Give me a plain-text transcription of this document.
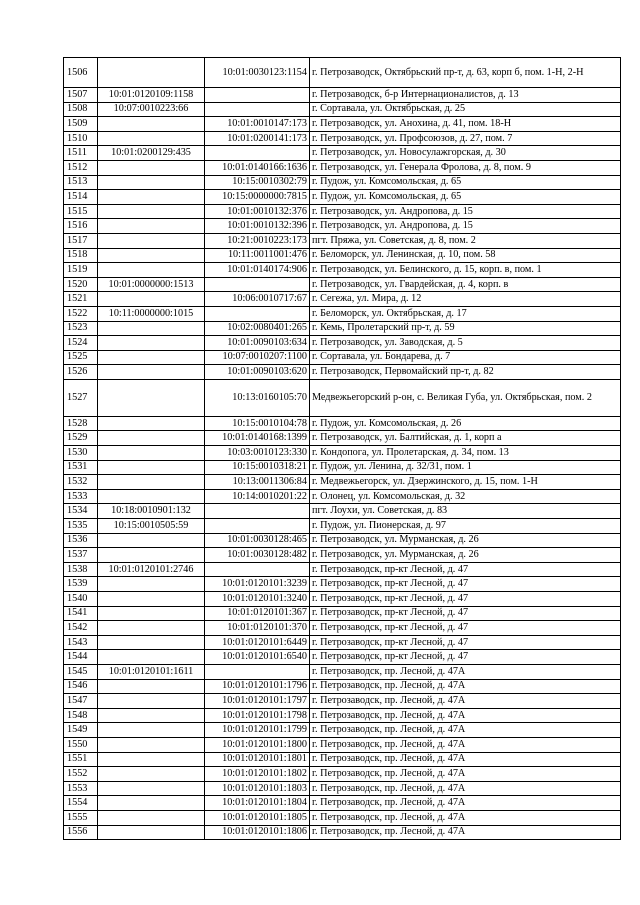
1506		10:01:0030123:1154	г. Петрозаводск, Октябрьский пр-т, д. 63, корп б, пом. 1-Н, 2-Н
1507	10:01:0120109:1158		г. Петрозаводск, б-р Интернационалистов, д. 13
1508	10:07:0010223:66		г. Сортавала, ул. Октябрьская, д. 25
1509		10:01:0010147:173	г. Петрозаводск, ул. Анохина, д. 41, пом. 18-Н
1510		10:01:0200141:173	г. Петрозаводск, ул. Профсоюзов, д. 27, пом. 7
1511	10:01:0200129:435		г. Петрозаводск, ул. Новосулажгорская, д. 30
1512		10:01:0140166:1636	г. Петрозаводск, ул. Генерала Фролова, д. 8, пом. 9
1513		10:15:0010302:79	г. Пудож, ул. Комсомольская, д. 65
1514		10:15:0000000:7815	г. Пудож, ул. Комсомольская, д. 65
1515		10:01:0010132:376	г. Петрозаводск, ул. Андропова, д. 15
1516		10:01:0010132:396	г. Петрозаводск, ул. Андропова, д. 15
1517		10:21:0010223:173	пгт. Пряжа, ул. Советская, д. 8, пом. 2
1518		10:11:0011001:476	г. Беломорск, ул. Ленинская, д. 10, пом. 58
1519		10:01:0140174:906	г. Петрозаводск, ул. Белинского, д. 15, корп. в, пом. 1
1520	10:01:0000000:1513		г. Петрозаводск, ул. Гвардейская, д. 4, корп. в
1521		10:06:0010717:67	г. Сегежа, ул. Мира, д. 12
1522	10:11:0000000:1015		г. Беломорск, ул. Октябрьская, д. 17
1523		10:02:0080401:265	г. Кемь, Пролетарский пр-т, д. 59
1524		10:01:0090103:634	г. Петрозаводск, ул. Заводская, д. 5
1525		10:07:0010207:1100	г. Сортавала, ул. Бондарева, д. 7
1526		10:01:0090103:620	г. Петрозаводск, Первомайский пр-т, д. 82
1527		10:13:0160105:70	Медвежьегорский р-он, с. Великая Губа, ул. Октябрьская, пом. 2
1528		10:15:0010104:78	г. Пудож, ул. Комсомольская, д. 26
1529		10:01:0140168:1399	г. Петрозаводск, ул. Балтийская, д. 1, корп а
1530		10:03:0010123:330	г. Кондопога, ул. Пролетарская, д. 34, пом. 13
1531		10:15:0010318:21	г. Пудож, ул. Ленина, д. 32/31, пом. 1
1532		10:13:0011306:84	г. Медвежьегорск, ул. Дзержинского, д. 15, пом. 1-Н
1533		10:14:0010201:22	г. Олонец, ул. Комсомольская, д. 32
1534	10:18:0010901:132		пгт. Лоухи, ул. Советская, д. 83
1535	10:15:0010505:59		г. Пудож, ул. Пионерская, д. 97
1536		10:01:0030128:465	г. Петрозаводск, ул. Мурманская, д. 26
1537		10:01:0030128:482	г. Петрозаводск, ул. Мурманская, д. 26
1538	10:01:0120101:2746		г. Петрозаводск, пр-кт Лесной, д. 47
1539		10:01:0120101:3239	г. Петрозаводск, пр-кт Лесной, д. 47
1540		10:01:0120101:3240	г. Петрозаводск, пр-кт Лесной, д. 47
1541		10:01:0120101:367	г. Петрозаводск, пр-кт Лесной, д. 47
1542		10:01:0120101:370	г. Петрозаводск, пр-кт Лесной, д. 47
1543		10:01:0120101:6449	г. Петрозаводск, пр-кт Лесной, д. 47
1544		10:01:0120101:6540	г. Петрозаводск, пр-кт Лесной, д. 47
1545	10:01:0120101:1611		г. Петрозаводск, пр. Лесной, д. 47А
1546		10:01:0120101:1796	г. Петрозаводск, пр. Лесной, д. 47А
1547		10:01:0120101:1797	г. Петрозаводск, пр. Лесной, д. 47А
1548		10:01:0120101:1798	г. Петрозаводск, пр. Лесной, д. 47А
1549		10:01:0120101:1799	г. Петрозаводск, пр. Лесной, д. 47А
1550		10:01:0120101:1800	г. Петрозаводск, пр. Лесной, д. 47А
1551		10:01:0120101:1801	г. Петрозаводск, пр. Лесной, д. 47А
1552		10:01:0120101:1802	г. Петрозаводск, пр. Лесной, д. 47А
1553		10:01:0120101:1803	г. Петрозаводск, пр. Лесной, д. 47А
1554		10:01:0120101:1804	г. Петрозаводск, пр. Лесной, д. 47А
1555		10:01:0120101:1805	г. Петрозаводск, пр. Лесной, д. 47А
1556		10:01:0120101:1806	г. Петрозаводск, пр. Лесной, д. 47А
